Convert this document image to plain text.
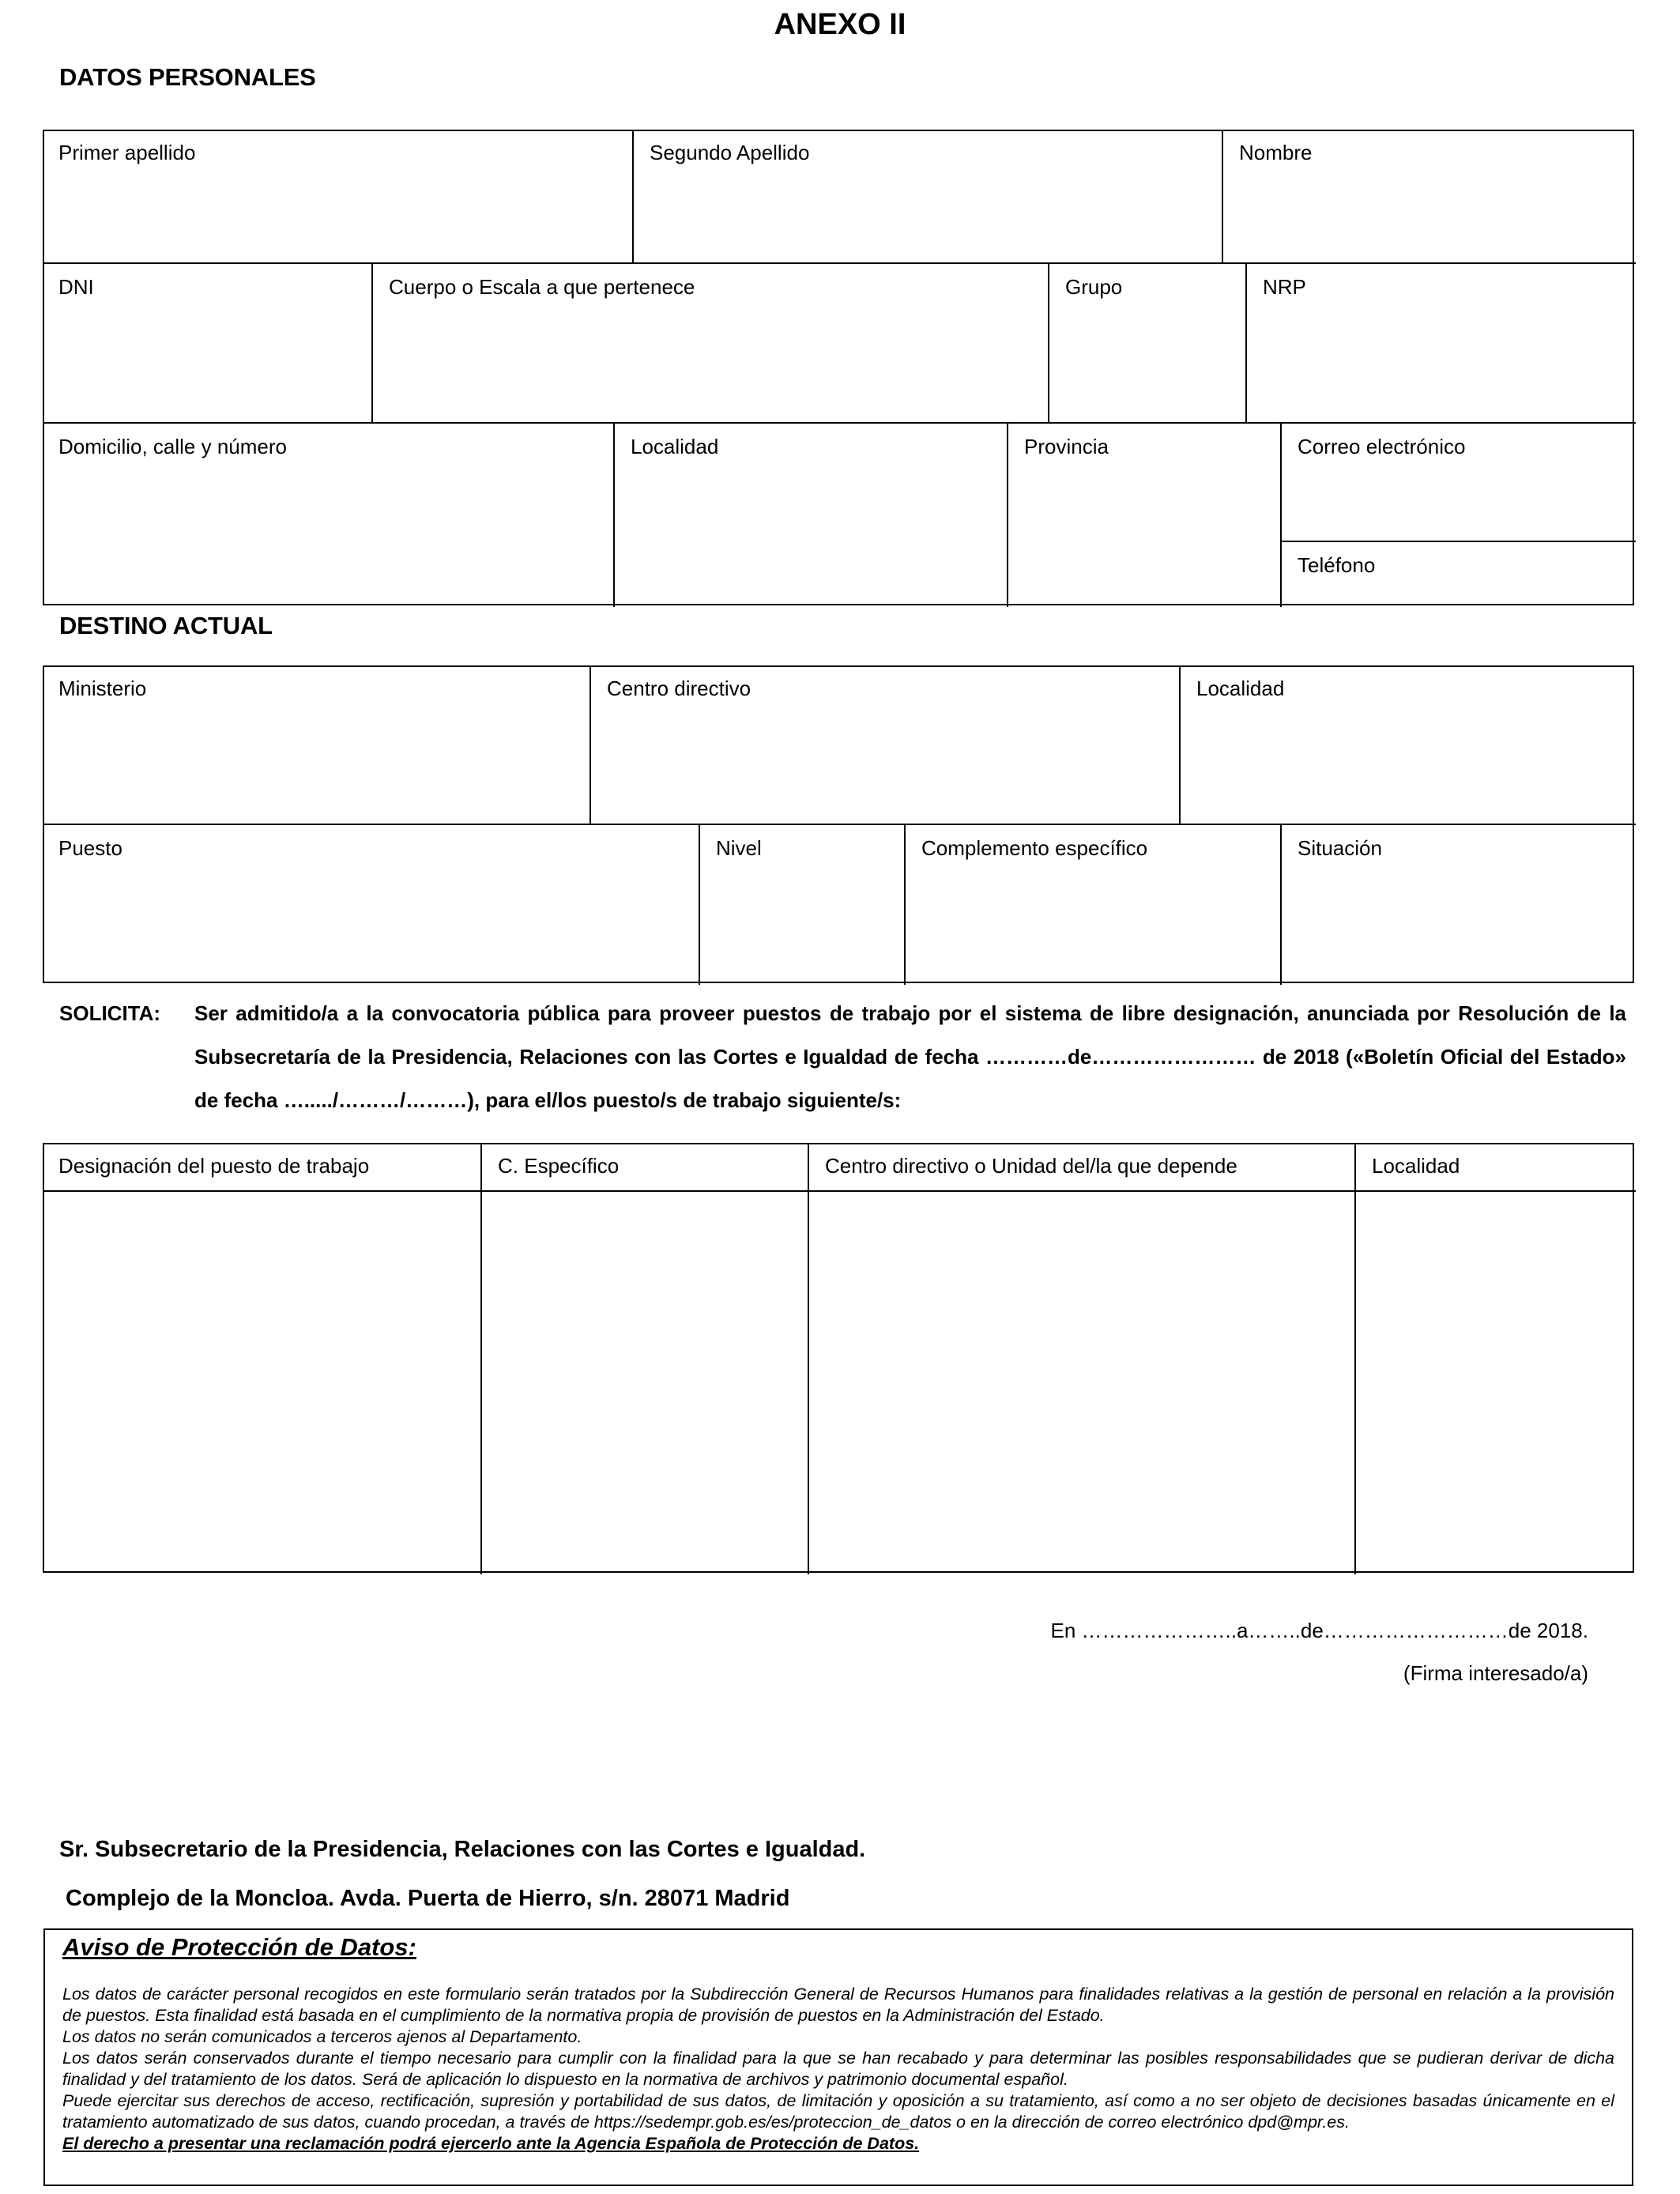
ANEXO II
DATOS PERSONALES
Primer apellido	Segundo Apellido	Nombre
DNI	Cuerpo o Escala a que pertenece	Grupo	NRP
Domicilio, calle y número	Localidad	Provincia	Correo electrónico
Teléfono
DESTINO ACTUAL
Ministerio	Centro directivo	Localidad
Puesto	Nivel	Complemento específico	Situación
SOLICITA: Ser admitido/a a la convocatoria pública para proveer puestos de trabajo por el sistema de libre designación, anunciada por Resolución de la Subsecretaría de la Presidencia, Relaciones con las Cortes e Igualdad de fecha …………de…………………… de 2018 («Boletín Oficial del Estado» de fecha …...../………/………), para el/los puesto/s de trabajo siguiente/s:
Designación del puesto de trabajo	C. Específico	Centro directivo o Unidad del/la que depende	Localidad
En …………………..a……..de………………………de 2018.
(Firma interesado/a)
Sr. Subsecretario de la Presidencia, Relaciones con las Cortes e Igualdad.
Complejo de la Moncloa. Avda. Puerta de Hierro, s/n. 28071 Madrid
Aviso de Protección de Datos:

Los datos de carácter personal recogidos en este formulario serán tratados por la Subdirección General de Recursos Humanos para finalidades relativas a la gestión de personal en relación a la provisión de puestos. Esta finalidad está basada en el cumplimiento de la normativa propia de provisión de puestos en la Administración del Estado.

Los datos no serán comunicados a terceros ajenos al Departamento.

Los datos serán conservados durante el tiempo necesario para cumplir con la finalidad para la que se han recabado y para determinar las posibles responsabilidades que se pudieran derivar de dicha finalidad y del tratamiento de los datos. Será de aplicación lo dispuesto en la normativa de archivos y patrimonio documental español.

Puede ejercitar sus derechos de acceso, rectificación, supresión y portabilidad de sus datos, de limitación y oposición a su tratamiento, así como a no ser objeto de decisiones basadas únicamente en el tratamiento automatizado de sus datos, cuando procedan, a través de https://sedempr.gob.es/es/proteccion_de_datos o en la dirección de correo electrónico dpd@mpr.es.

El derecho a presentar una reclamación podrá ejercerlo ante la Agencia Española de Protección de Datos.
